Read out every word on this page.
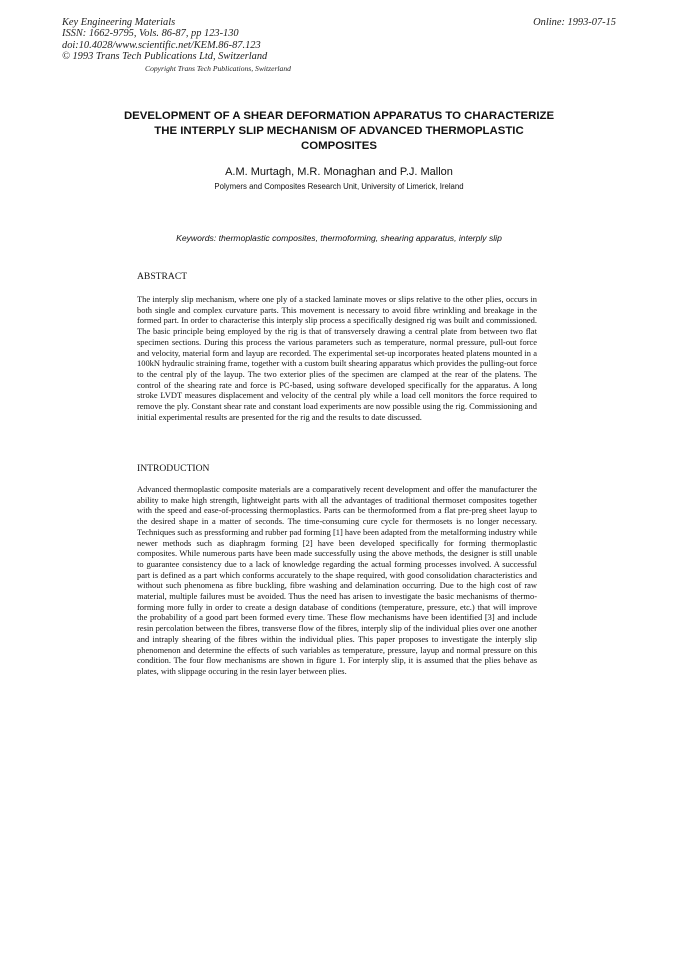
Key Engineering Materials
ISSN: 1662-9795, Vols. 86-87, pp 123-130
doi:10.4028/www.scientific.net/KEM.86-87.123
© 1993 Trans Tech Publications Ltd, Switzerland
Online: 1993-07-15
Copyright Trans Tech Publications, Switzerland
DEVELOPMENT OF A SHEAR DEFORMATION APPARATUS TO CHARACTERIZE THE INTERPLY SLIP MECHANISM OF ADVANCED THERMOPLASTIC COMPOSITES
A.M. Murtagh, M.R. Monaghan and P.J. Mallon
Polymers and Composites Research Unit, University of Limerick, Ireland
Keywords: thermoplastic composites, thermoforming, shearing apparatus, interply slip
ABSTRACT

The interply slip mechanism, where one ply of a stacked laminate moves or slips relative to the other plies, occurs in both single and complex curvature parts. This movement is necessary to avoid fibre wrinkling and breakage in the formed part. In order to characterise this interply slip process a specifically designed rig was built and commissioned. The basic principle being employed by the rig is that of transversely drawing a central plate from between two flat specimen sections. During this process the various parameters such as temperature, normal pressure, pull-out force and velocity, material form and layup are recorded. The experimental set-up incorporates heated platens mounted in a 100kN hydraulic straining frame, together with a custom built shearing apparatus which provides the pulling-out force to the central ply of the layup. The two exterior plies of the specimen are clamped at the rear of the platens. The control of the shearing rate and force is PC-based, using software developed specifically for the apparatus. A long stroke LVDT measures displacement and velocity of the central ply while a load cell monitors the force required to remove the ply. Constant shear rate and constant load experiments are now possible using the rig. Commissioning and initial experimental results are presented for the rig and the results to date discussed.

INTRODUCTION

Advanced thermoplastic composite materials are a comparatively recent development and offer the manufacturer the ability to make high strength, lightweight parts with all the advantages of traditional thermoset composites together with the speed and ease-of-processing thermoplastics. Parts can be thermoformed from a flat pre-preg sheet layup to the desired shape in a matter of seconds. The time-consuming cure cycle for thermosets is no longer necessary. Techniques such as pressforming and rubber pad forming [1] have been adapted from the metalforming industry while newer methods such as diaphragm forming [2] have been developed specifically for forming thermoplastic composites. While numerous parts have been made successfully using the above methods, the designer is still unable to guarantee consistency due to a lack of knowledge regarding the actual forming processes involved. A successful part is defined as a part which conforms accurately to the shape required, with good consolidation characteristics and without such phenomena as fibre buckling, fibre washing and delamination occurring. Due to the high cost of raw material, multiple failures must be avoided. Thus the need has arisen to investigate the basic mechanisms of thermo-forming more fully in order to create a design database of conditions (temperature, pressure, etc.) that will improve the probability of a good part been formed every time. These flow mechanisms have been identified [3] and include resin percolation between the fibres, transverse flow of the fibres, interply slip of the individual plies over one another and intraply shearing of the fibres within the individual plies. This paper proposes to investigate the interply slip phenomenon and determine the effects of such variables as temperature, pressure, layup and normal pressure on this condition. The four flow mechanisms are shown in figure 1. For interply slip, it is assumed that the plies behave as plates, with slippage occuring in the resin layer between plies.
